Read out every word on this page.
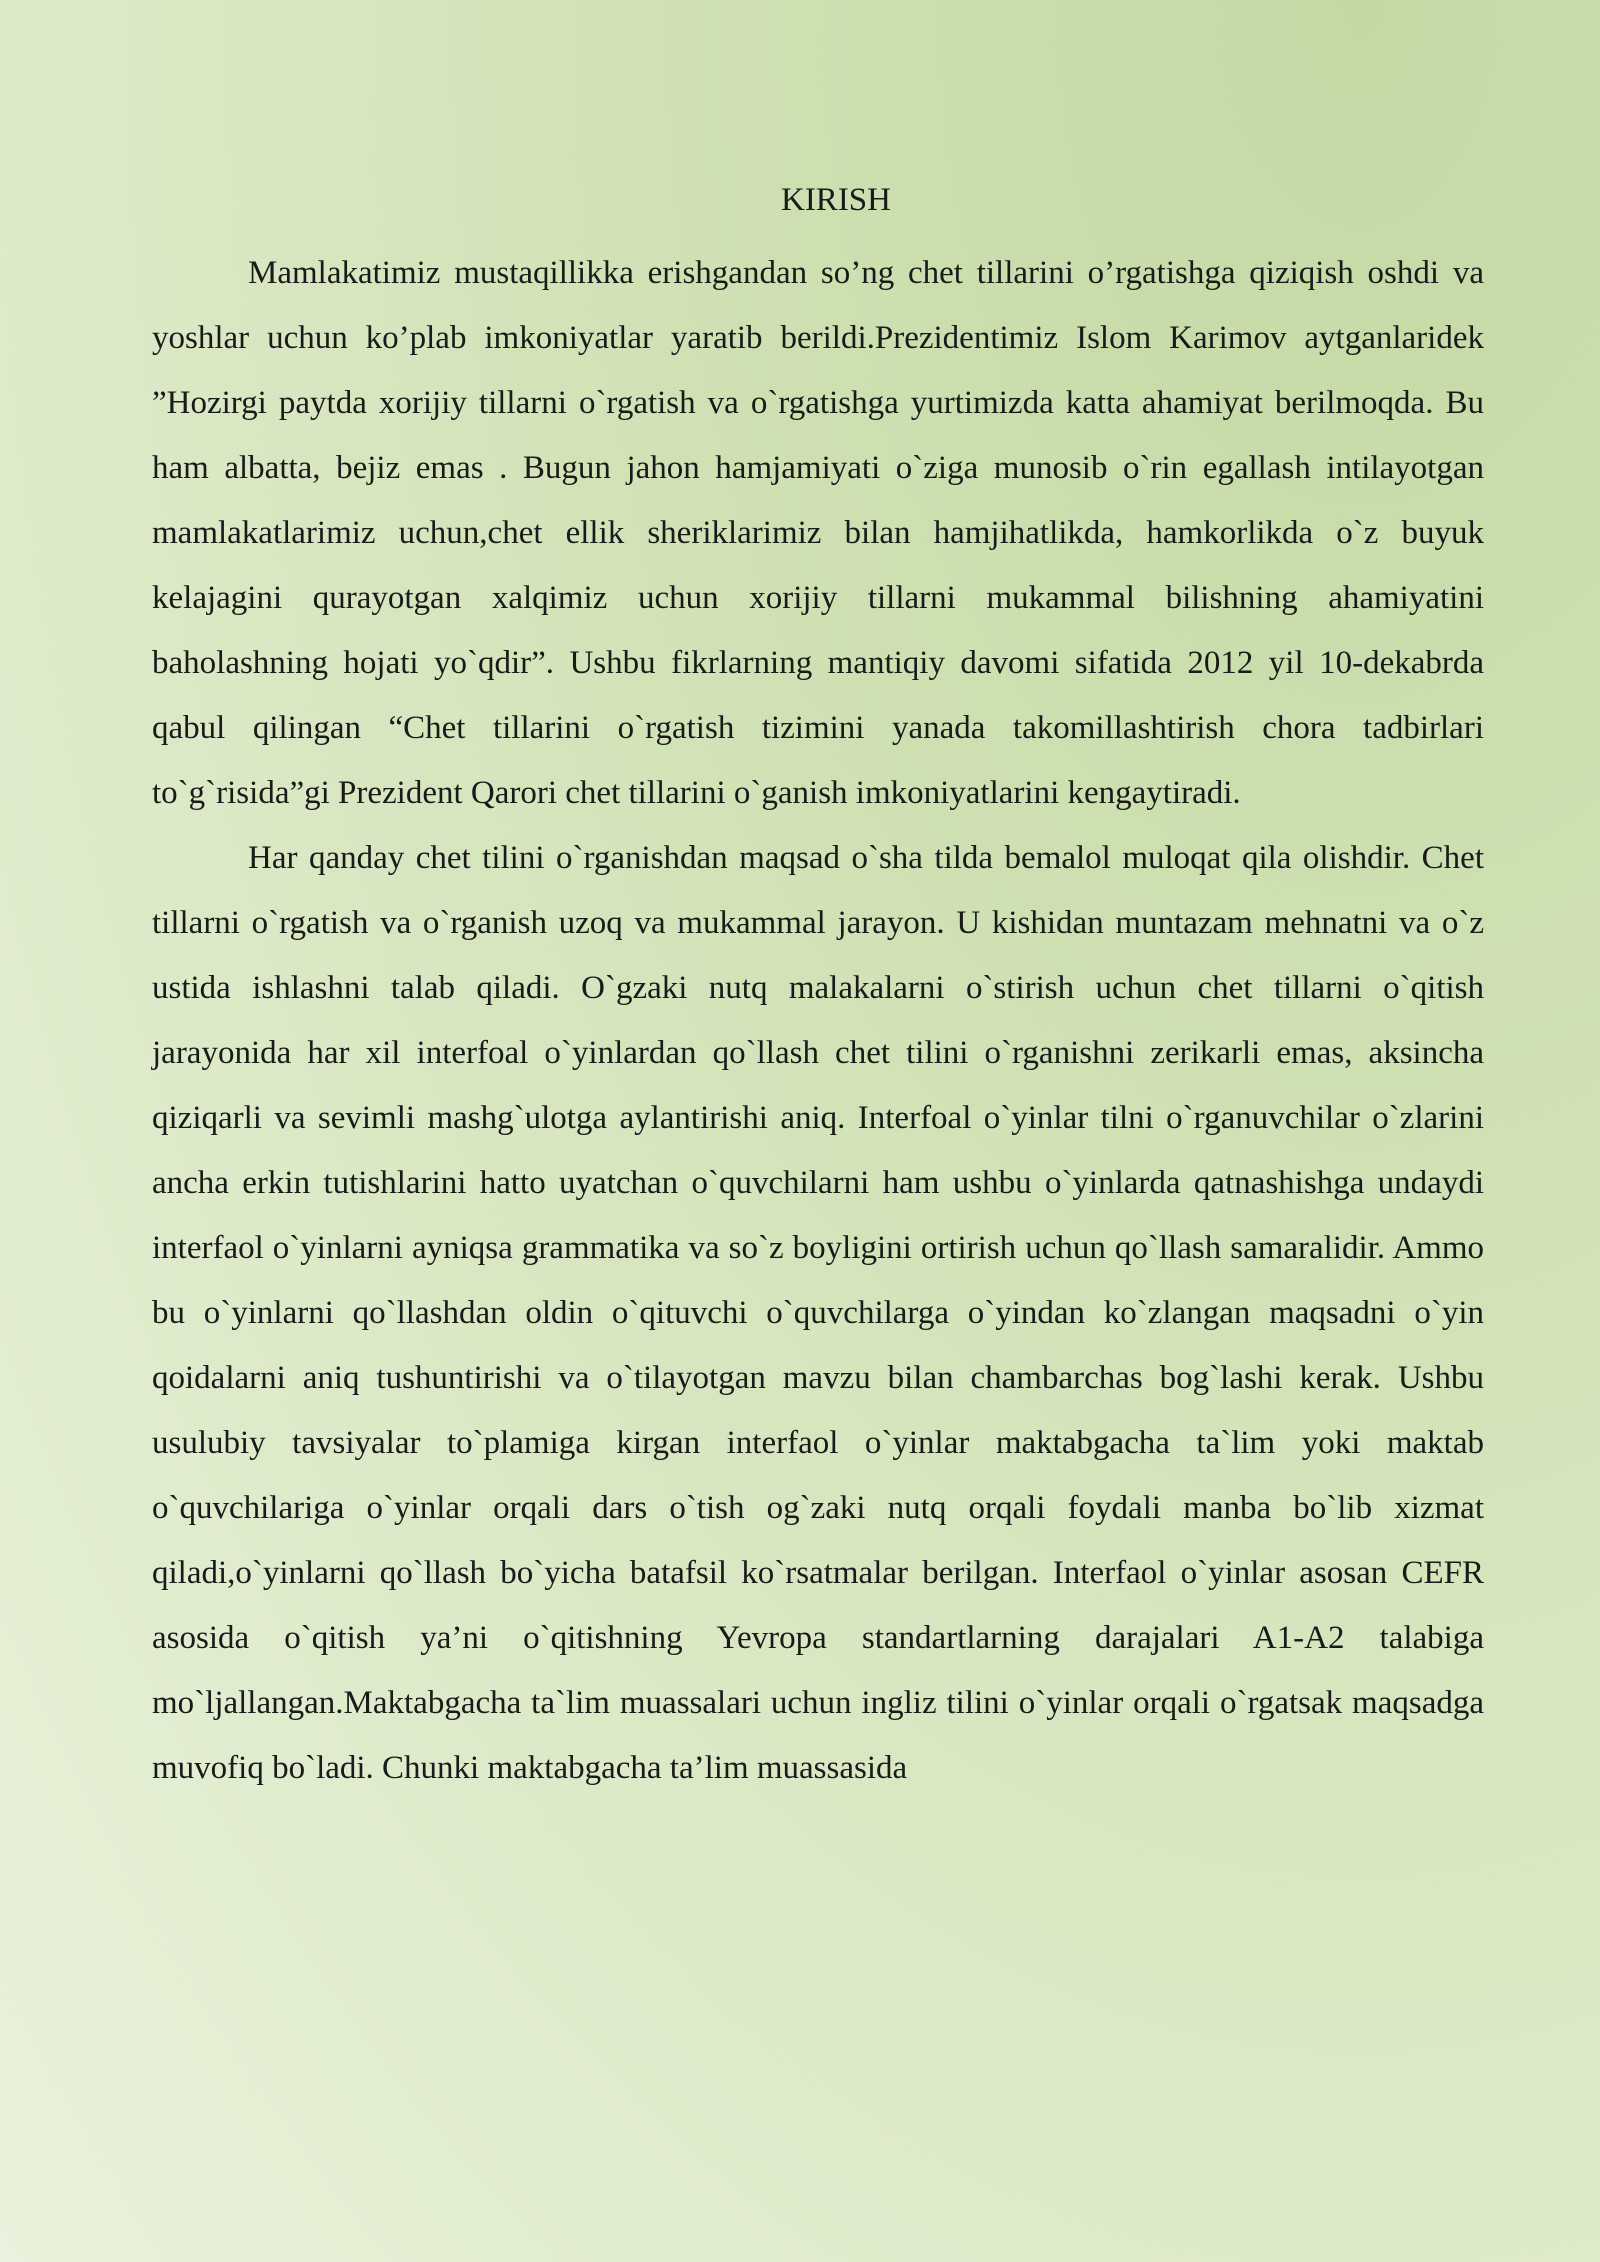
KIRISH

Mamlakatimiz mustaqillikka erishgandan so’ng chet tillarini o’rgatishga qiziqish oshdi va yoshlar uchun ko’plab imkoniyatlar yaratib berildi.Prezidentimiz Islom Karimov aytganlaridek ”Hozirgi paytda xorijiy tillarni o`rgatish va o`rgatishga yurtimizda katta ahamiyat berilmoqda. Bu ham albatta, bejiz emas . Bugun jahon hamjamiyati o`ziga munosib o`rin egallash intilayotgan mamlakatlarimiz uchun,chet ellik sheriklarimiz bilan hamjihatlikda, hamkorlikda o`z buyuk kelajagini qurayotgan xalqimiz uchun xorijiy tillarni mukammal bilishning ahamiyatini baholashning hojati yo`qdir”. Ushbu fikrlarning mantiqiy davomi sifatida 2012 yil 10-dekabrda qabul qilingan “Chet tillarini o`rgatish tizimini yanada takomillashtirish chora tadbirlari to`g`risida”gi Prezident Qarori chet tillarini o`ganish imkoniyatlarini kengaytiradi.

Har qanday chet tilini o`rganishdan maqsad o`sha tilda bemalol muloqat qila olishdir. Chet tillarni o`rgatish va o`rganish uzoq va mukammal jarayon. U kishidan muntazam mehnatni va o`z ustida ishlashni talab qiladi. O`gzaki nutq malakalarni o`stirish uchun chet tillarni o`qitish jarayonida har xil interfoal o`yinlardan qo`llash chet tilini o`rganishni zerikarli emas, aksincha qiziqarli va sevimli mashg`ulotga aylantirishi aniq. Interfoal o`yinlar tilni o`rganuvchilar o`zlarini ancha erkin tutishlarini hatto uyatchan o`quvchilarni ham ushbu o`yinlarda qatnashishga undaydi interfaol o`yinlarni ayniqsa grammatika va so`z boyligini ortirish uchun qo`llash samaralidir. Ammo bu o`yinlarni qo`llashdan oldin o`qituvchi o`quvchilarga o`yindan ko`zlangan maqsadni o`yin qoidalarni aniq tushuntirishi va o`tilayotgan mavzu bilan chambarchas bog`lashi kerak. Ushbu usulubiy tavsiyalar to`plamiga kirgan interfaol o`yinlar maktabgacha ta`lim yoki maktab o`quvchilariga o`yinlar orqali dars o`tish og`zaki nutq orqali foydali manba bo`lib xizmat qiladi,o`yinlarni qo`llash bo`yicha batafsil ko`rsatmalar berilgan. Interfaol o`yinlar asosan CEFR asosida o`qitish ya’ni o`qitishning Yevropa standartlarning darajalari A1-A2 talabiga mo`ljallangan.Maktabgacha ta`lim muassalari uchun ingliz tilini o`yinlar orqali o`rgatsak maqsadga muvofiq bo`ladi. Chunki maktabgacha ta’lim muassasida
